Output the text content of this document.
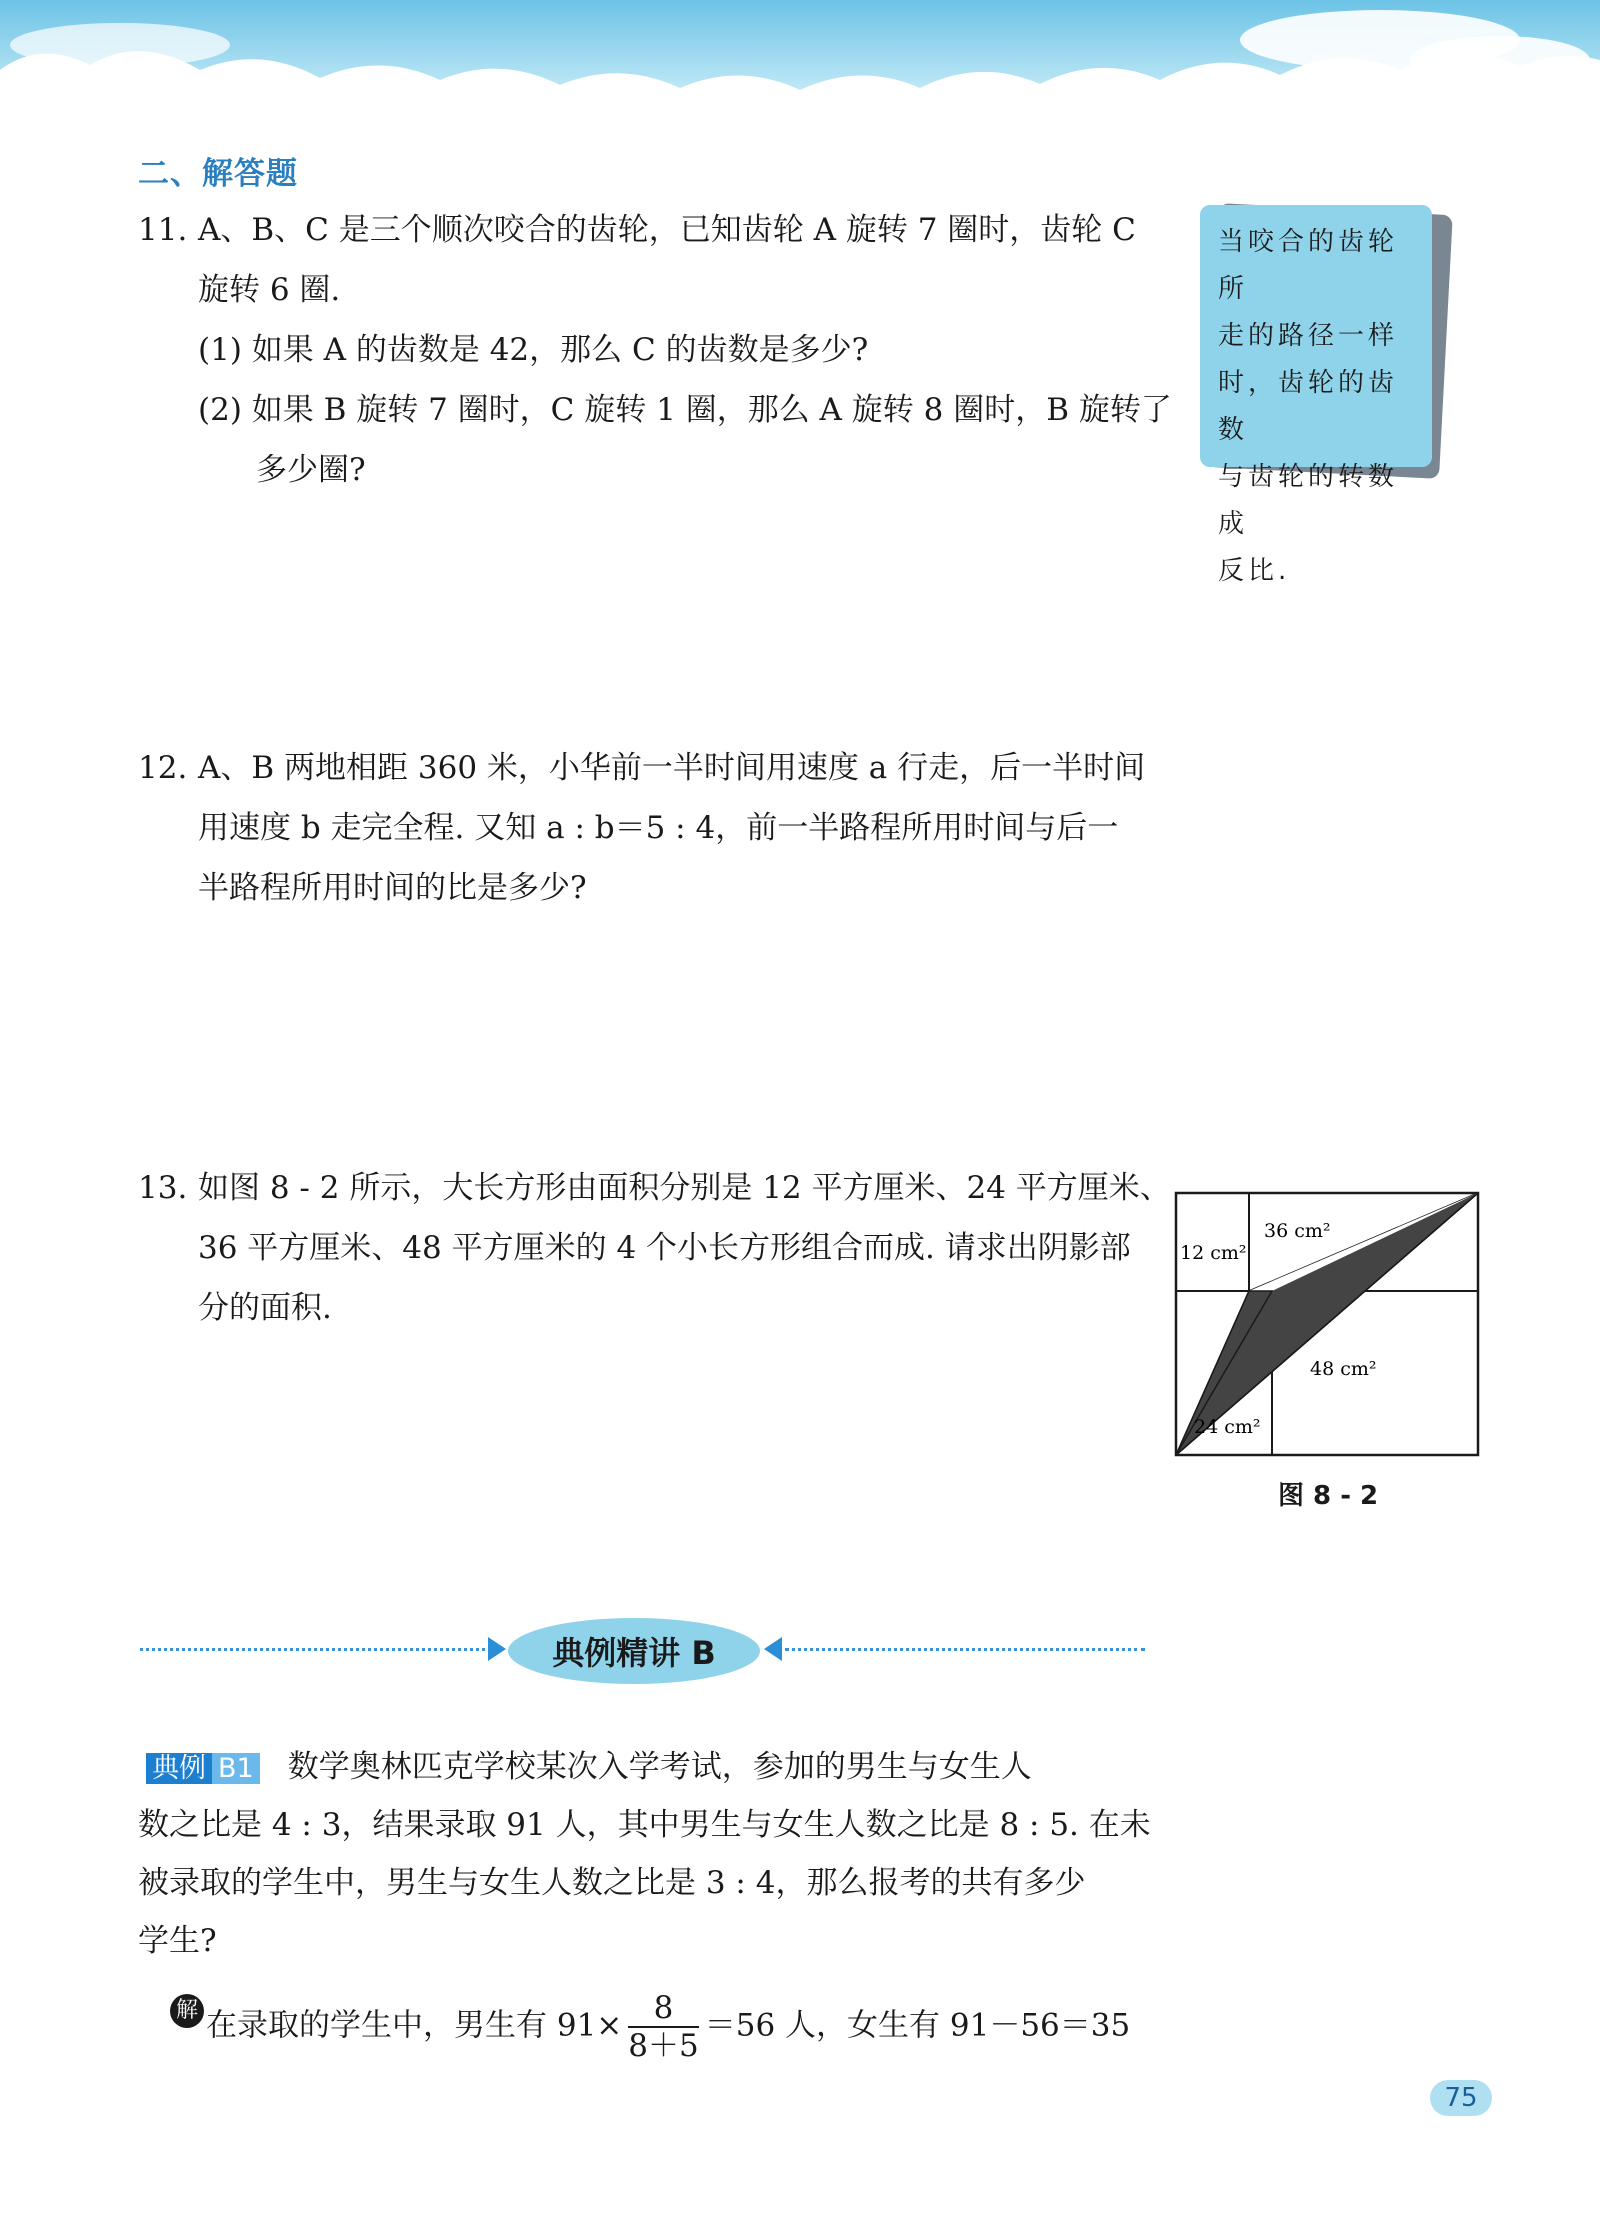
二、解答题
11. A、B、C 是三个顺次咬合的齿轮，已知齿轮 A 旋转 7 圈时，齿轮 C
旋转 6 圈.
(1) 如果 A 的齿数是 42，那么 C 的齿数是多少?
(2) 如果 B 旋转 7 圈时，C 旋转 1 圈，那么 A 旋转 8 圈时，B 旋转了
多少圈?
当咬合的齿轮所
走的路径一样
时，齿轮的齿数
与齿轮的转数成
反比.
12. A、B 两地相距 360 米，小华前一半时间用速度 a 行走，后一半时间
用速度 b 走完全程. 又知 a : b＝5 : 4，前一半路程所用时间与后一
半路程所用时间的比是多少?
13. 如图 8 - 2 所示，大长方形由面积分别是 12 平方厘米、24 平方厘米、
36 平方厘米、48 平方厘米的 4 个小长方形组合而成. 请求出阴影部
分的面积.
12 cm²
36 cm²
48 cm²
24 cm²
图 8 - 2
典例精讲 B
典例 B1 数学奥林匹克学校某次入学考试，参加的男生与女生人
数之比是 4 : 3，结果录取 91 人，其中男生与女生人数之比是 8 : 5. 在未
被录取的学生中，男生与女生人数之比是 3 : 4，那么报考的共有多少
学生?
解 在录取的学生中，男生有 $91\times \frac{8}{8+5} =56$ 人，女生有 91－56＝35
75
